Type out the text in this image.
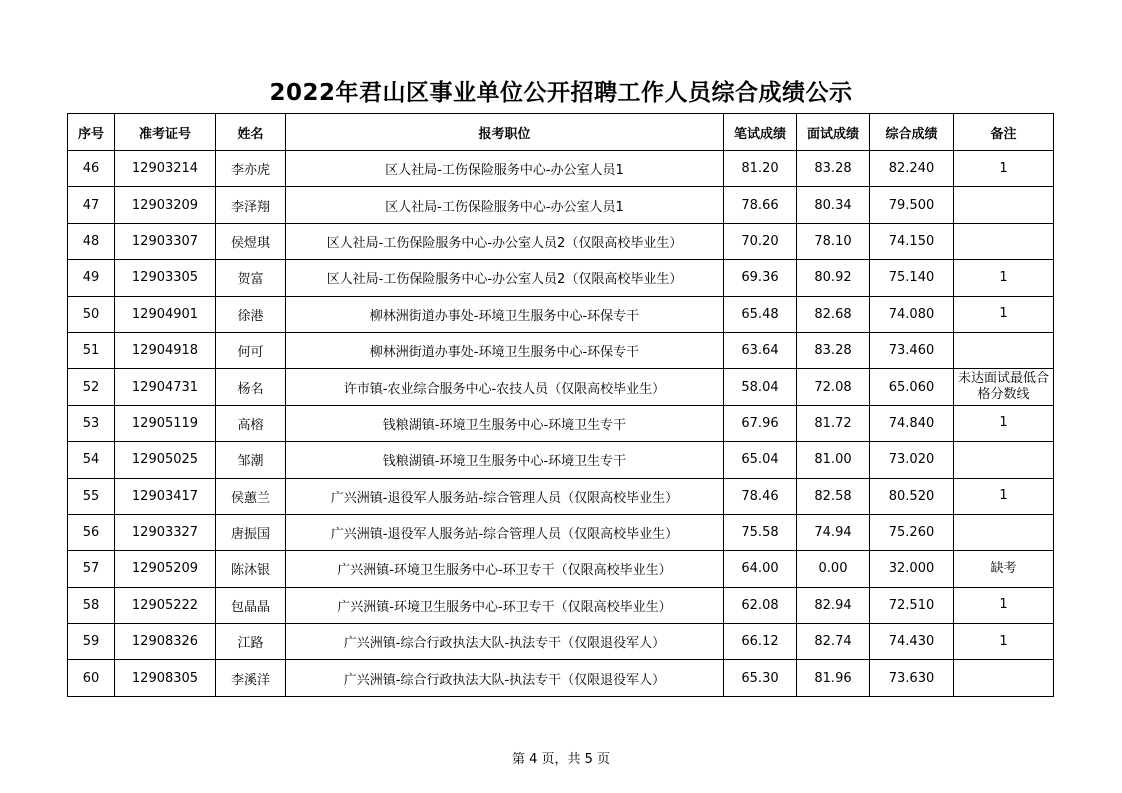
2022年君山区事业单位公开招聘工作人员综合成绩公示
序号	准考证号	姓名	报考职位	笔试成绩	面试成绩	综合成绩	备注
46	12903214	李亦虎	区人社局-工伤保险服务中心-办公室人员1	81.20	83.28	82.240	1
47	12903209	李泽翔	区人社局-工伤保险服务中心-办公室人员1	78.66	80.34	79.500	
48	12903307	侯煜琪	区人社局-工伤保险服务中心-办公室人员2（仅限高校毕业生）	70.20	78.10	74.150	
49	12903305	贺富	区人社局-工伤保险服务中心-办公室人员2（仅限高校毕业生）	69.36	80.92	75.140	1
50	12904901	徐港	柳林洲街道办事处-环境卫生服务中心-环保专干	65.48	82.68	74.080	1
51	12904918	何可	柳林洲街道办事处-环境卫生服务中心-环保专干	63.64	83.28	73.460	
52	12904731	杨名	许市镇-农业综合服务中心-农技人员（仅限高校毕业生）	58.04	72.08	65.060	未达面试最低合格分数线
53	12905119	高榕	钱粮湖镇-环境卫生服务中心-环境卫生专干	67.96	81.72	74.840	1
54	12905025	邹潮	钱粮湖镇-环境卫生服务中心-环境卫生专干	65.04	81.00	73.020	
55	12903417	侯蕙兰	广兴洲镇-退役军人服务站-综合管理人员（仅限高校毕业生）	78.46	82.58	80.520	1
56	12903327	唐振国	广兴洲镇-退役军人服务站-综合管理人员（仅限高校毕业生）	75.58	74.94	75.260	
57	12905209	陈沐银	广兴洲镇-环境卫生服务中心-环卫专干（仅限高校毕业生）	64.00	0.00	32.000	缺考
58	12905222	包晶晶	广兴洲镇-环境卫生服务中心-环卫专干（仅限高校毕业生）	62.08	82.94	72.510	1
59	12908326	江路	广兴洲镇-综合行政执法大队-执法专干（仅限退役军人）	66.12	82.74	74.430	1
60	12908305	李溪洋	广兴洲镇-综合行政执法大队-执法专干（仅限退役军人）	65.30	81.96	73.630	
第 4 页，共 5 页
